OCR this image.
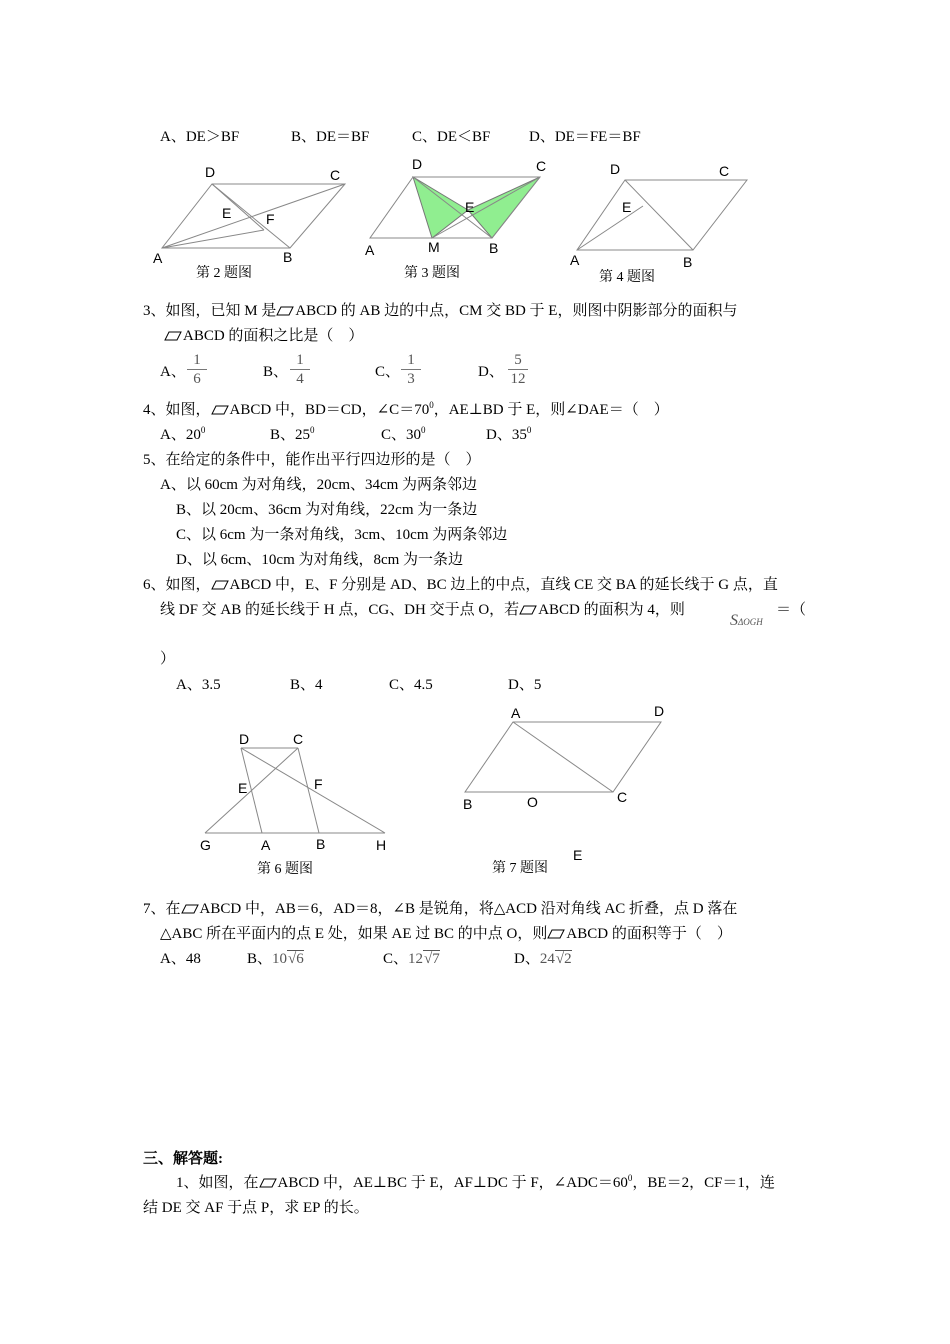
A、DE＞BF	B、DE＝BF	C、DE＜BF	D、DE＝FE＝BF
A	B
C
D
E F
第 2 题图
A	B
C
D
E
M
第 3 题图
A	B
C
D
E
第 4 题图
3、如图，已知 M 是 ABCD 的 AB 边的中点，CM 交 BD 于 E，则图中阴影部分的面积与
ABCD 的面积之比是（　）
A、
1
6	B、
1
4	C、
1
3	D、
5
12
4、如图， ABCD 中，BD＝CD，$\angle C=70^0$，AE⊥BD 于 E，则∠DAE＝（　）
A、$20^0$	B、$25^0$	C、$30^0$	D、$35^0$
5、在给定的条件中，能作出平行四边形的是（　）
A、以 60cm 为对角线，20cm、34cm 为两条邻边
B、以 20cm、36cm 为对角线，22cm 为一条边
C、以 6cm 为一条对角线，3cm、10cm 为两条邻边
D、以 6cm、10cm 为对角线，8cm 为一条边
6、如图， ABCD 中，E、F 分别是 AD、BC 边上的中点，直线 CE 交 BA 的延长线于 G 点，直
线 DF 交 AB 的延长线于 H 点，CG、DH 交于点 O，若 ABCD 的面积为 4，则
SΔOGH
＝（
）
A、3.5	B、4	C、4.5	D、5
G	A	B	H
D	C
E	F
第 6 题图
A	D
B	O	C
E
第 7 题图
7、在 ABCD 中，AB＝6，AD＝8，∠B 是锐角，将△ACD 沿对角线 AC 折叠，点 D 落在
△ABC 所在平面内的点 E 处，如果 AE 过 BC 的中点 O，则 ABCD 的面积等于（　）
A、48	B、10√6	C、12√7	D、24√2
三、解答题:
1、如图，在 ABCD 中，AE⊥BC 于 E，AF⊥DC 于 F，$\angle ADC=60^0$，BE＝2，CF＝1，连
结 DE 交 AF 于点 P，求 EP 的长。
